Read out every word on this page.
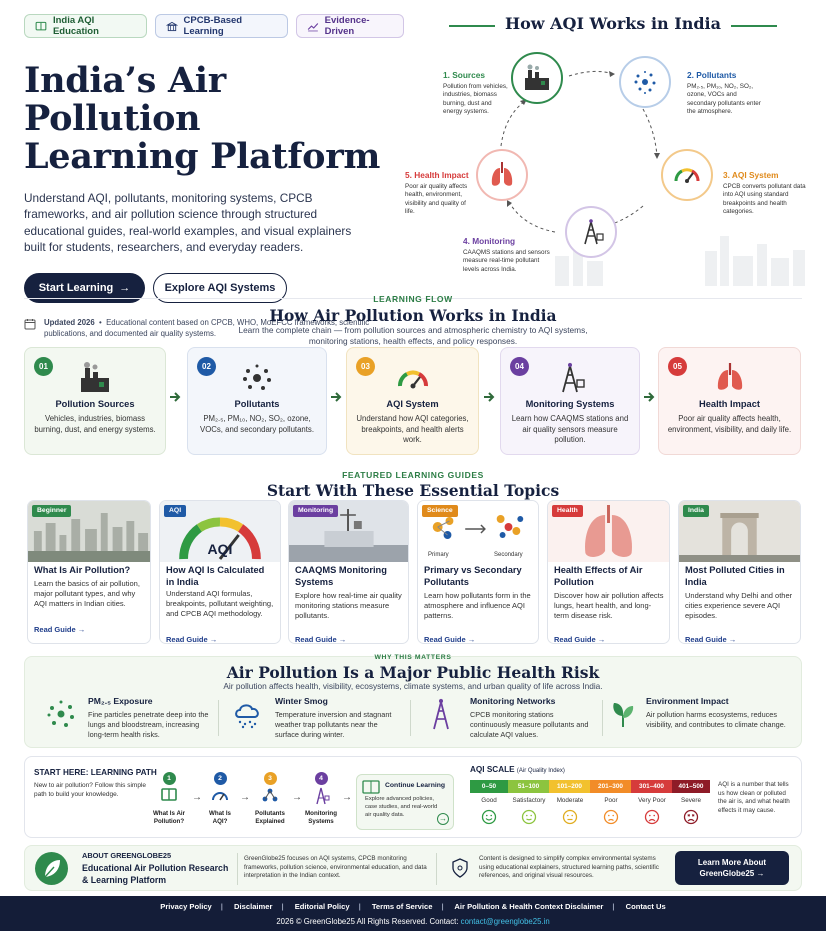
India AQI Education
CPCB-Based Learning
Evidence-Driven
India’s Air Pollution
Learning Platform

Understand AQI, pollutants, monitoring systems, CPCB frameworks, and air pollution science through structured educational guides, real-world examples, and visual explainers built for students, researchers, and everyday readers.

Start Learning →	Explore AQI Systems
Updated 2026  •  Educational content based on CPCB, WHO, MoEFCC frameworks, scientific publications, and documented air quality systems.
How AQI Works in India
1. Sources
Pollution from vehicles, industries, biomass burning, dust and energy systems.
2. Pollutants
PM₂.₅, PM₁₀, NO₂, SO₂, ozone, VOCs and secondary pollutants enter the atmosphere.
3. AQI System
CPCB converts pollutant data into AQI using standard breakpoints and health categories.
4. Monitoring
CAAQMS stations and sensors measure real-time pollutant levels across India.
5. Health Impact
Poor air quality affects health, environment, visibility and quality of life.
LEARNING FLOW
How Air Pollution Works in India
Learn the complete chain — from pollution sources and atmospheric chemistry to AQI systems,
monitoring stations, health effects, and policy responses.
01
Pollution Sources
Vehicles, industries, biomass burning, dust, and energy systems.
02
Pollutants
PM₂.₅, PM₁₀, NO₂, SO₂, ozone, VOCs, and secondary pollutants.
03
AQI System
Understand how AQI categories, breakpoints, and health alerts work.
04
Monitoring Systems
Learn how CAAQMS stations and air quality sensors measure pollution.
05
Health Impact
Poor air quality affects health, environment, visibility, and daily life.
FEATURED LEARNING GUIDES
Start With These Essential Topics
Beginner
What Is Air Pollution?
Learn the basics of air pollution, major pollutant types, and why AQI matters in Indian cities.
Read Guide →
AQI
AQI
How AQI Is Calculated in India
Understand AQI formulas, breakpoints, pollutant weighting, and CPCB AQI methodology.
Read Guide →
Monitoring
CAAQMS Monitoring Systems
Explore how real-time air quality monitoring stations measure pollutants.
Read Guide →
Primary	Secondary
Science
Primary vs Secondary Pollutants
Learn how pollutants form in the atmosphere and influence AQI patterns.
Read Guide →
Health
Health Effects of Air Pollution
Discover how air pollution affects lungs, heart health, and long-term disease risk.
Read Guide →
India
Most Polluted Cities in India
Understand why Delhi and other cities experience severe AQI episodes.
Read Guide →
WHY THIS MATTERS
Air Pollution Is a Major Public Health Risk
Air pollution affects health, visibility, ecosystems, climate systems, and urban quality of life across India.
PM₂.₅ Exposure
Fine particles penetrate deep into the lungs and bloodstream, increasing long-term health risks.
Winter Smog
Temperature inversion and stagnant weather trap pollutants near the surface during winter.
Monitoring Networks
CPCB monitoring stations continuously measure pollutants and calculate AQI values.
Environment Impact
Air pollution harms ecosystems, reduces visibility, and contributes to climate change.
START HERE: LEARNING PATH
New to air pollution? Follow this simple path to build your knowledge.
1
What Is Air Pollution?
→
2
What Is AQI?
→
3
Pollutants Explained
→
4
Monitoring Systems
→
Continue Learning
Explore advanced policies, case studies, and real-world air quality data.	→
AQI SCALE (Air Quality Index)
0–50	51–100	101–200	201–300	301–400	401–500
Good	Satisfactory	Moderate	Poor	Very Poor	Severe
AQI is a number that tells us how clean or polluted the air is, and what health effects it may cause.
ABOUT GREENGLOBE25
Educational Air Pollution Research & Learning Platform
GreenGlobe25 focuses on AQI systems, CPCB monitoring frameworks, pollution science, environmental education, and data interpretation in the Indian context.
Content is designed to simplify complex environmental systems using educational explainers, structured learning paths, scientific references, and original visual resources.
Learn More About GreenGlobe25 →
Privacy Policy | Disclaimer | Editorial Policy | Terms of Service | Air Pollution & Health Context Disclaimer | Contact Us
2026 © GreenGlobe25 All Rights Reserved. Contact: contact@greenglobe25.in
